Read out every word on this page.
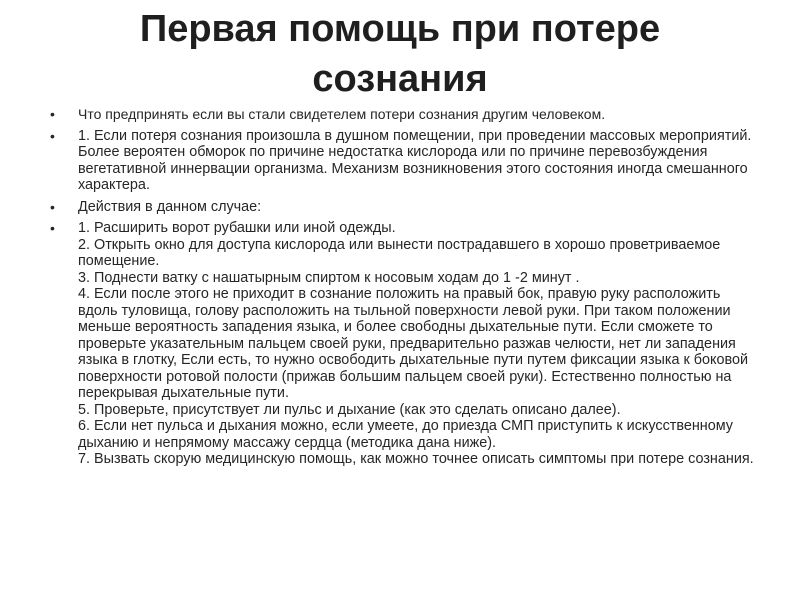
Первая помощь при потере сознания
• Что предпринять если вы стали свидетелем потери сознания другим человеком.
• 1. Если потеря сознания произошла в душном помещении, при проведении массовых мероприятий. Более вероятен обморок по причине недостатка кислорода или по причине перевозбуждения вегетативной иннервации организма. Механизм возникновения этого состояния иногда смешанного характера.
• Действия в данном случае:
• 1. Расширить ворот рубашки или иной одежды.
2. Открыть окно для доступа кислорода или вынести пострадавшего в хорошо проветриваемое помещение.
3. Поднести ватку с нашатырным спиртом к носовым ходам до 1 -2 минут .
4. Если после этого не приходит в сознание положить на правый бок, правую руку расположить вдоль туловища, голову расположить на тыльной поверхности левой руки. При таком положении меньше вероятность западения языка, и более свободны дыхательные пути. Если сможете то проверьте указательным пальцем своей руки, предварительно разжав челюсти, нет ли западения языка в глотку, Если есть, то нужно освободить дыхательные пути путем фиксации языка к боковой поверхности ротовой полости (прижав большим пальцем своей руки). Естественно полностью на перекрывая дыхательные пути.
5. Проверьте, присутствует ли пульс и дыхание (как это сделать описано далее).
6. Если нет пульса и дыхания можно, если умеете, до приезда СМП приступить к искусственному дыханию и непрямому массажу сердца (методика дана ниже).
7. Вызвать скорую медицинскую помощь, как можно точнее описать симптомы при потере сознания.
